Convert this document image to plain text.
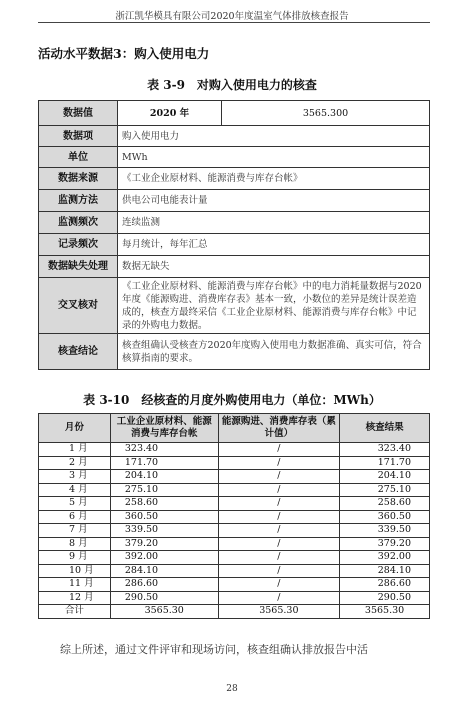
浙江凯华模具有限公司2020年度温室气体排放核查报告
活动水平数据3：购入使用电力
表 3-9　对购入使用电力的核查
数据值	2020 年	3565.300
数据项	购入使用电力	
单位	MWh	
数据来源	《工业企业原材料、能源消费与库存台帐》	
监测方法	供电公司电能表计量	
监测频次	连续监测	
记录频次	每月统计，每年汇总	
数据缺失处理	数据无缺失	
交叉核对	《工业企业原材料、能源消费与库存台帐》中的电力消耗量数据与2020年度《能源购进、消费库存表》基本一致，小数位的差异是统计误差造成的，核查方最终采信《工业企业原材料、能源消费与库存台帐》中记录的外购电力数据。	
核查结论	核查组确认受核查方2020年度购入使用电力数据准确、真实可信，符合核算指南的要求。	
表 3-10　经核查的月度外购使用电力（单位：MWh）
月份	工业企业原材料、能源消费与库存台帐	能源购进、消费库存表（累计值）	核查结果
1 月	323.40	/	323.40
2 月	171.70	/	171.70
3 月	204.10	/	204.10
4 月	275.10	/	275.10
5 月	258.60	/	258.60
6 月	360.50	/	360.50
7 月	339.50	/	339.50
8 月	379.20	/	379.20
9 月	392.00	/	392.00
10 月	284.10	/	284.10
11 月	286.60	/	286.60
12 月	290.50	/	290.50
合计	3565.30	3565.30	3565.30
综上所述，通过文件评审和现场访问，核查组确认排放报告中活
28
